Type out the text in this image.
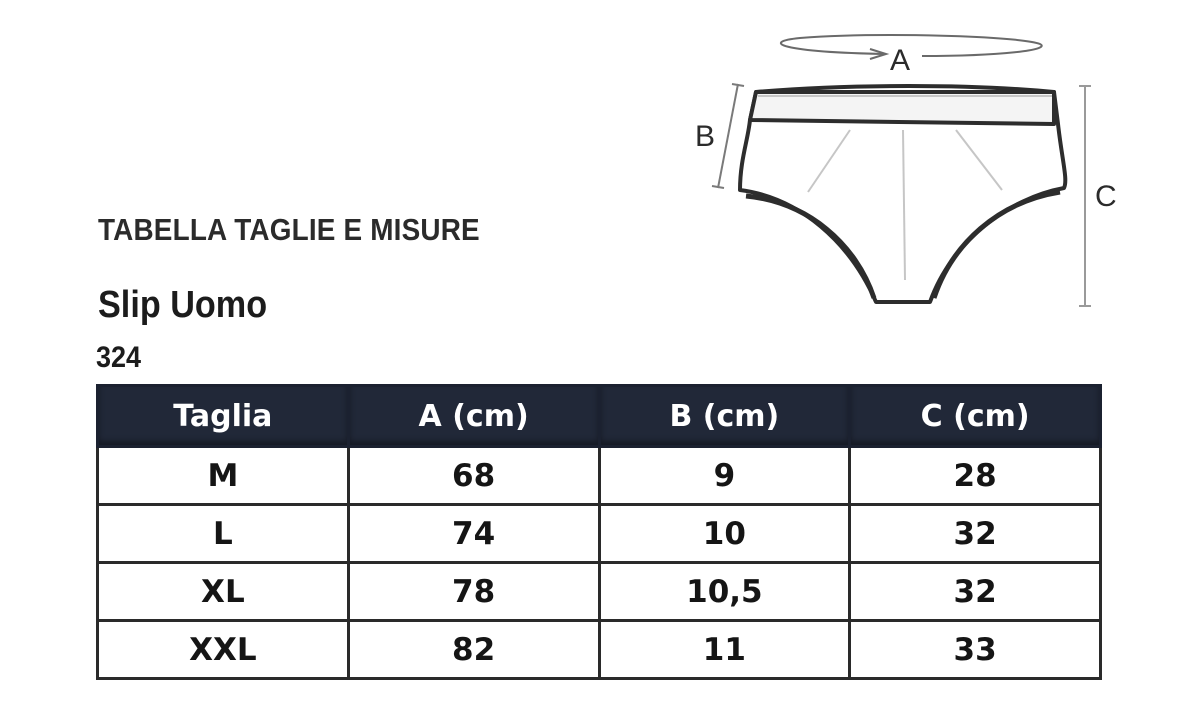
TABELLA TAGLIE E MISURE
Slip Uomo
324
A
B
C
Taglia	A (cm)	B (cm)	C (cm)
M	68	9	28
L	74	10	32
XL	78	10,5	32
XXL	82	11	33
